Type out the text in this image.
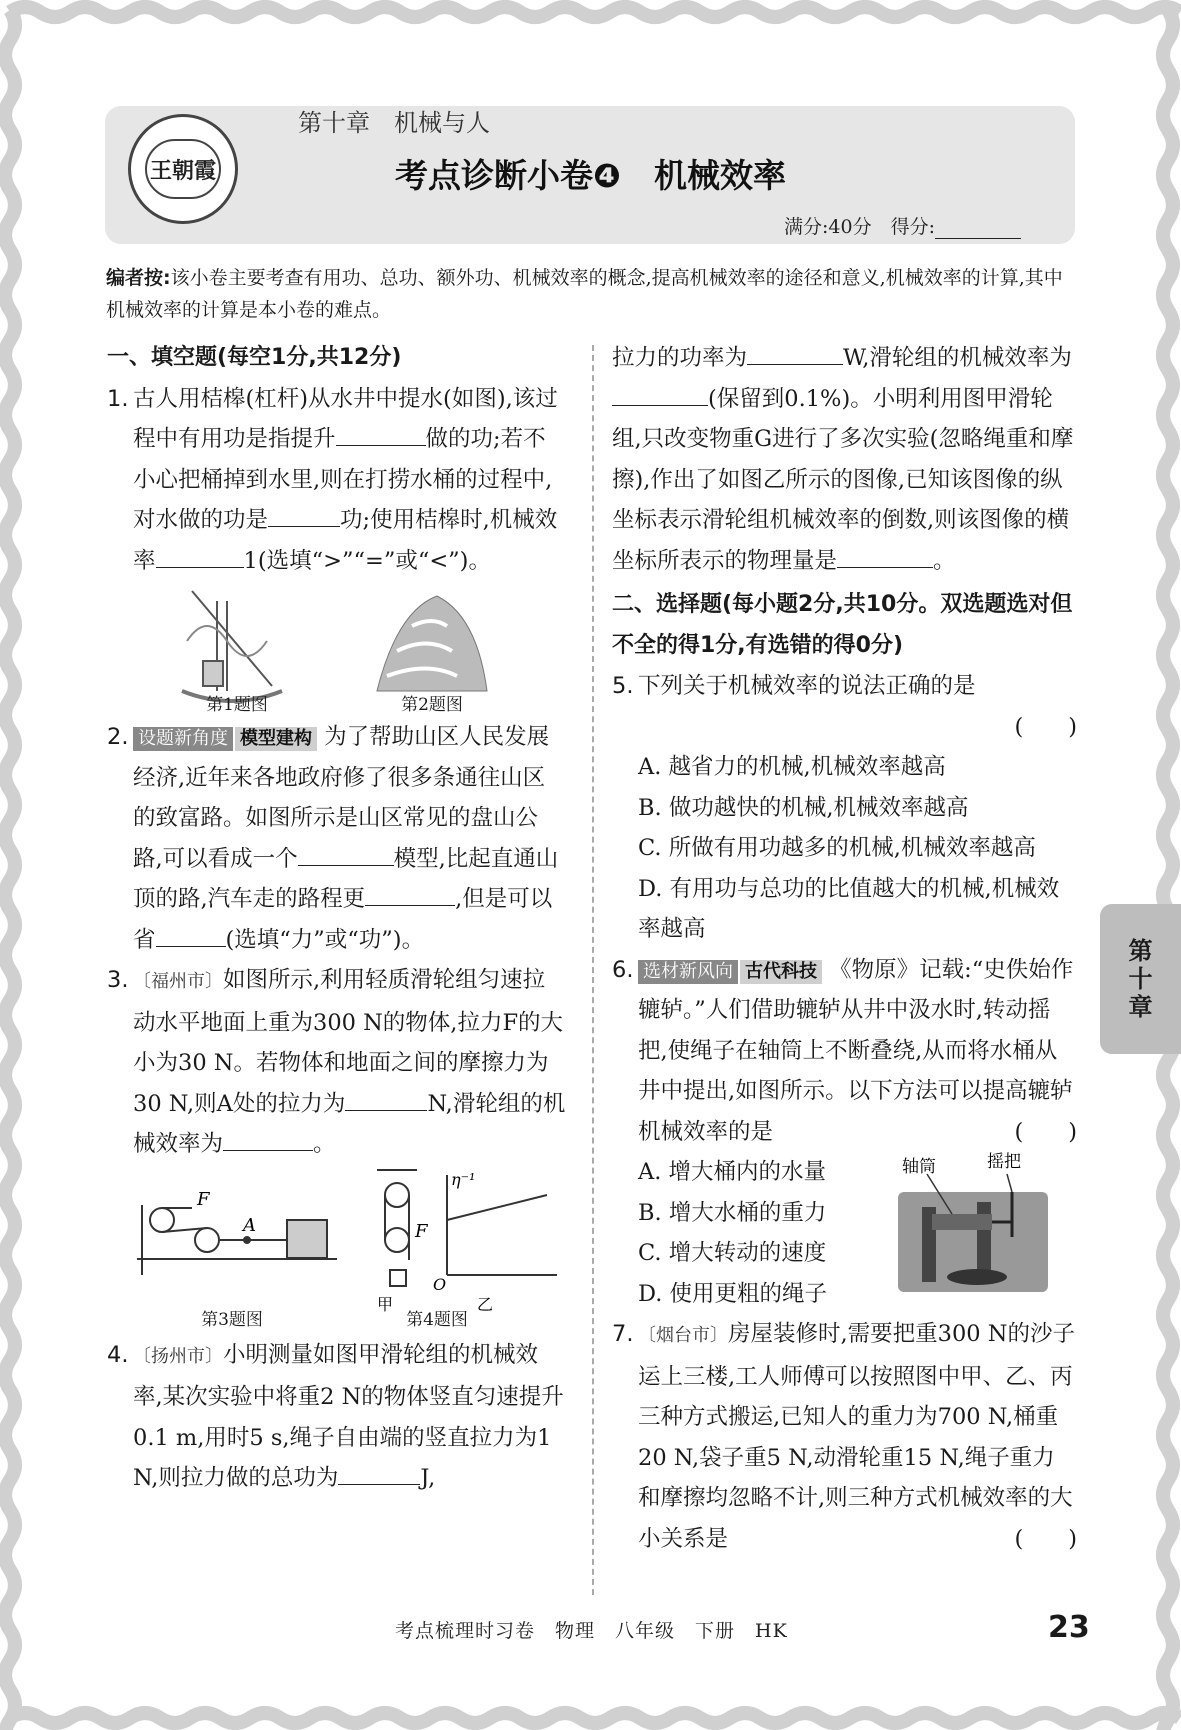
王朝霞
第十章　机械与人
考点诊断小卷❹　机械效率
满分:40分　得分:
编者按:该小卷主要考查有用功、总功、额外功、机械效率的概念,提高机械效率的途径和意义,机械效率的计算,其中机械效率的计算是本小卷的难点。
一、填空题(每空1分,共12分)
1. 古人用桔槔(杠杆)从水井中提水(如图),该过程中有用功是指提升	做的功;若不小心把桶掉到水里,则在打捞水桶的过程中,对水做的功是	功;使用桔槔时,机械效率	1(选填“>”“=”或“<”)。
第1题图	第2题图
2. 设题新角度 模型建构 为了帮助山区人民发展经济,近年来各地政府修了很多条通往山区的致富路。如图所示是山区常见的盘山公路,可以看成一个	模型,比起直通山顶的路,汽车走的路程更	,但是可以省	(选填“力”或“功”)。
3. 〔福州市〕如图所示,利用轻质滑轮组匀速拉动水平地面上重为300 N的物体,拉力F的大小为30 N。若物体和地面之间的摩擦力为30 N,则A处的拉力为	N,滑轮组的机械效率为	。
F
A	F
甲
η⁻¹
O
乙
第3题图	第4题图
4. 〔扬州市〕小明测量如图甲滑轮组的机械效率,某次实验中将重2 N的物体竖直匀速提升0.1 m,用时5 s,绳子自由端的竖直拉力为1 N,则拉力做的总功为	J,
拉力的功率为	W,滑轮组的机械效率为(保留到0.1%)。小明利用图甲滑轮组,只改变物重G进行了多次实验(忽略绳重和摩擦),作出了如图乙所示的图像,已知该图像的纵坐标表示滑轮组机械效率的倒数,则该图像的横坐标所表示的物理量是	。
二、选择题(每小题2分,共10分。双选题选对但不全的得1分,有选错的得0分)
5. 下列关于机械效率的说法正确的是
(　　)
A. 越省力的机械,机械效率越高
B. 做功越快的机械,机械效率越高
C. 所做有用功越多的机械,机械效率越高
D. 有用功与总功的比值越大的机械,机械效率越高
6. 选材新风向 古代科技 《物原》记载:“史佚始作辘轳。”人们借助辘轳从井中汲水时,转动摇把,使绳子在轴筒上不断叠绕,从而将水桶从井中提出,如图所示。以下方法可以提高辘轳机械效率的是	(　　)
A. 增大桶内的水量
B. 增大水桶的重力
C. 增大转动的速度
D. 使用更粗的绳子
轴筒	摇把
7. 〔烟台市〕房屋装修时,需要把重300 N的沙子运上三楼,工人师傅可以按照图中甲、乙、丙三种方式搬运,已知人的重力为700 N,桶重20 N,袋子重5 N,动滑轮重15 N,绳子重力和摩擦均忽略不计,则三种方式机械效率的大小关系是	(　　)
第
十
章
考点梳理时习卷　物理　八年级　下册　HK	23
